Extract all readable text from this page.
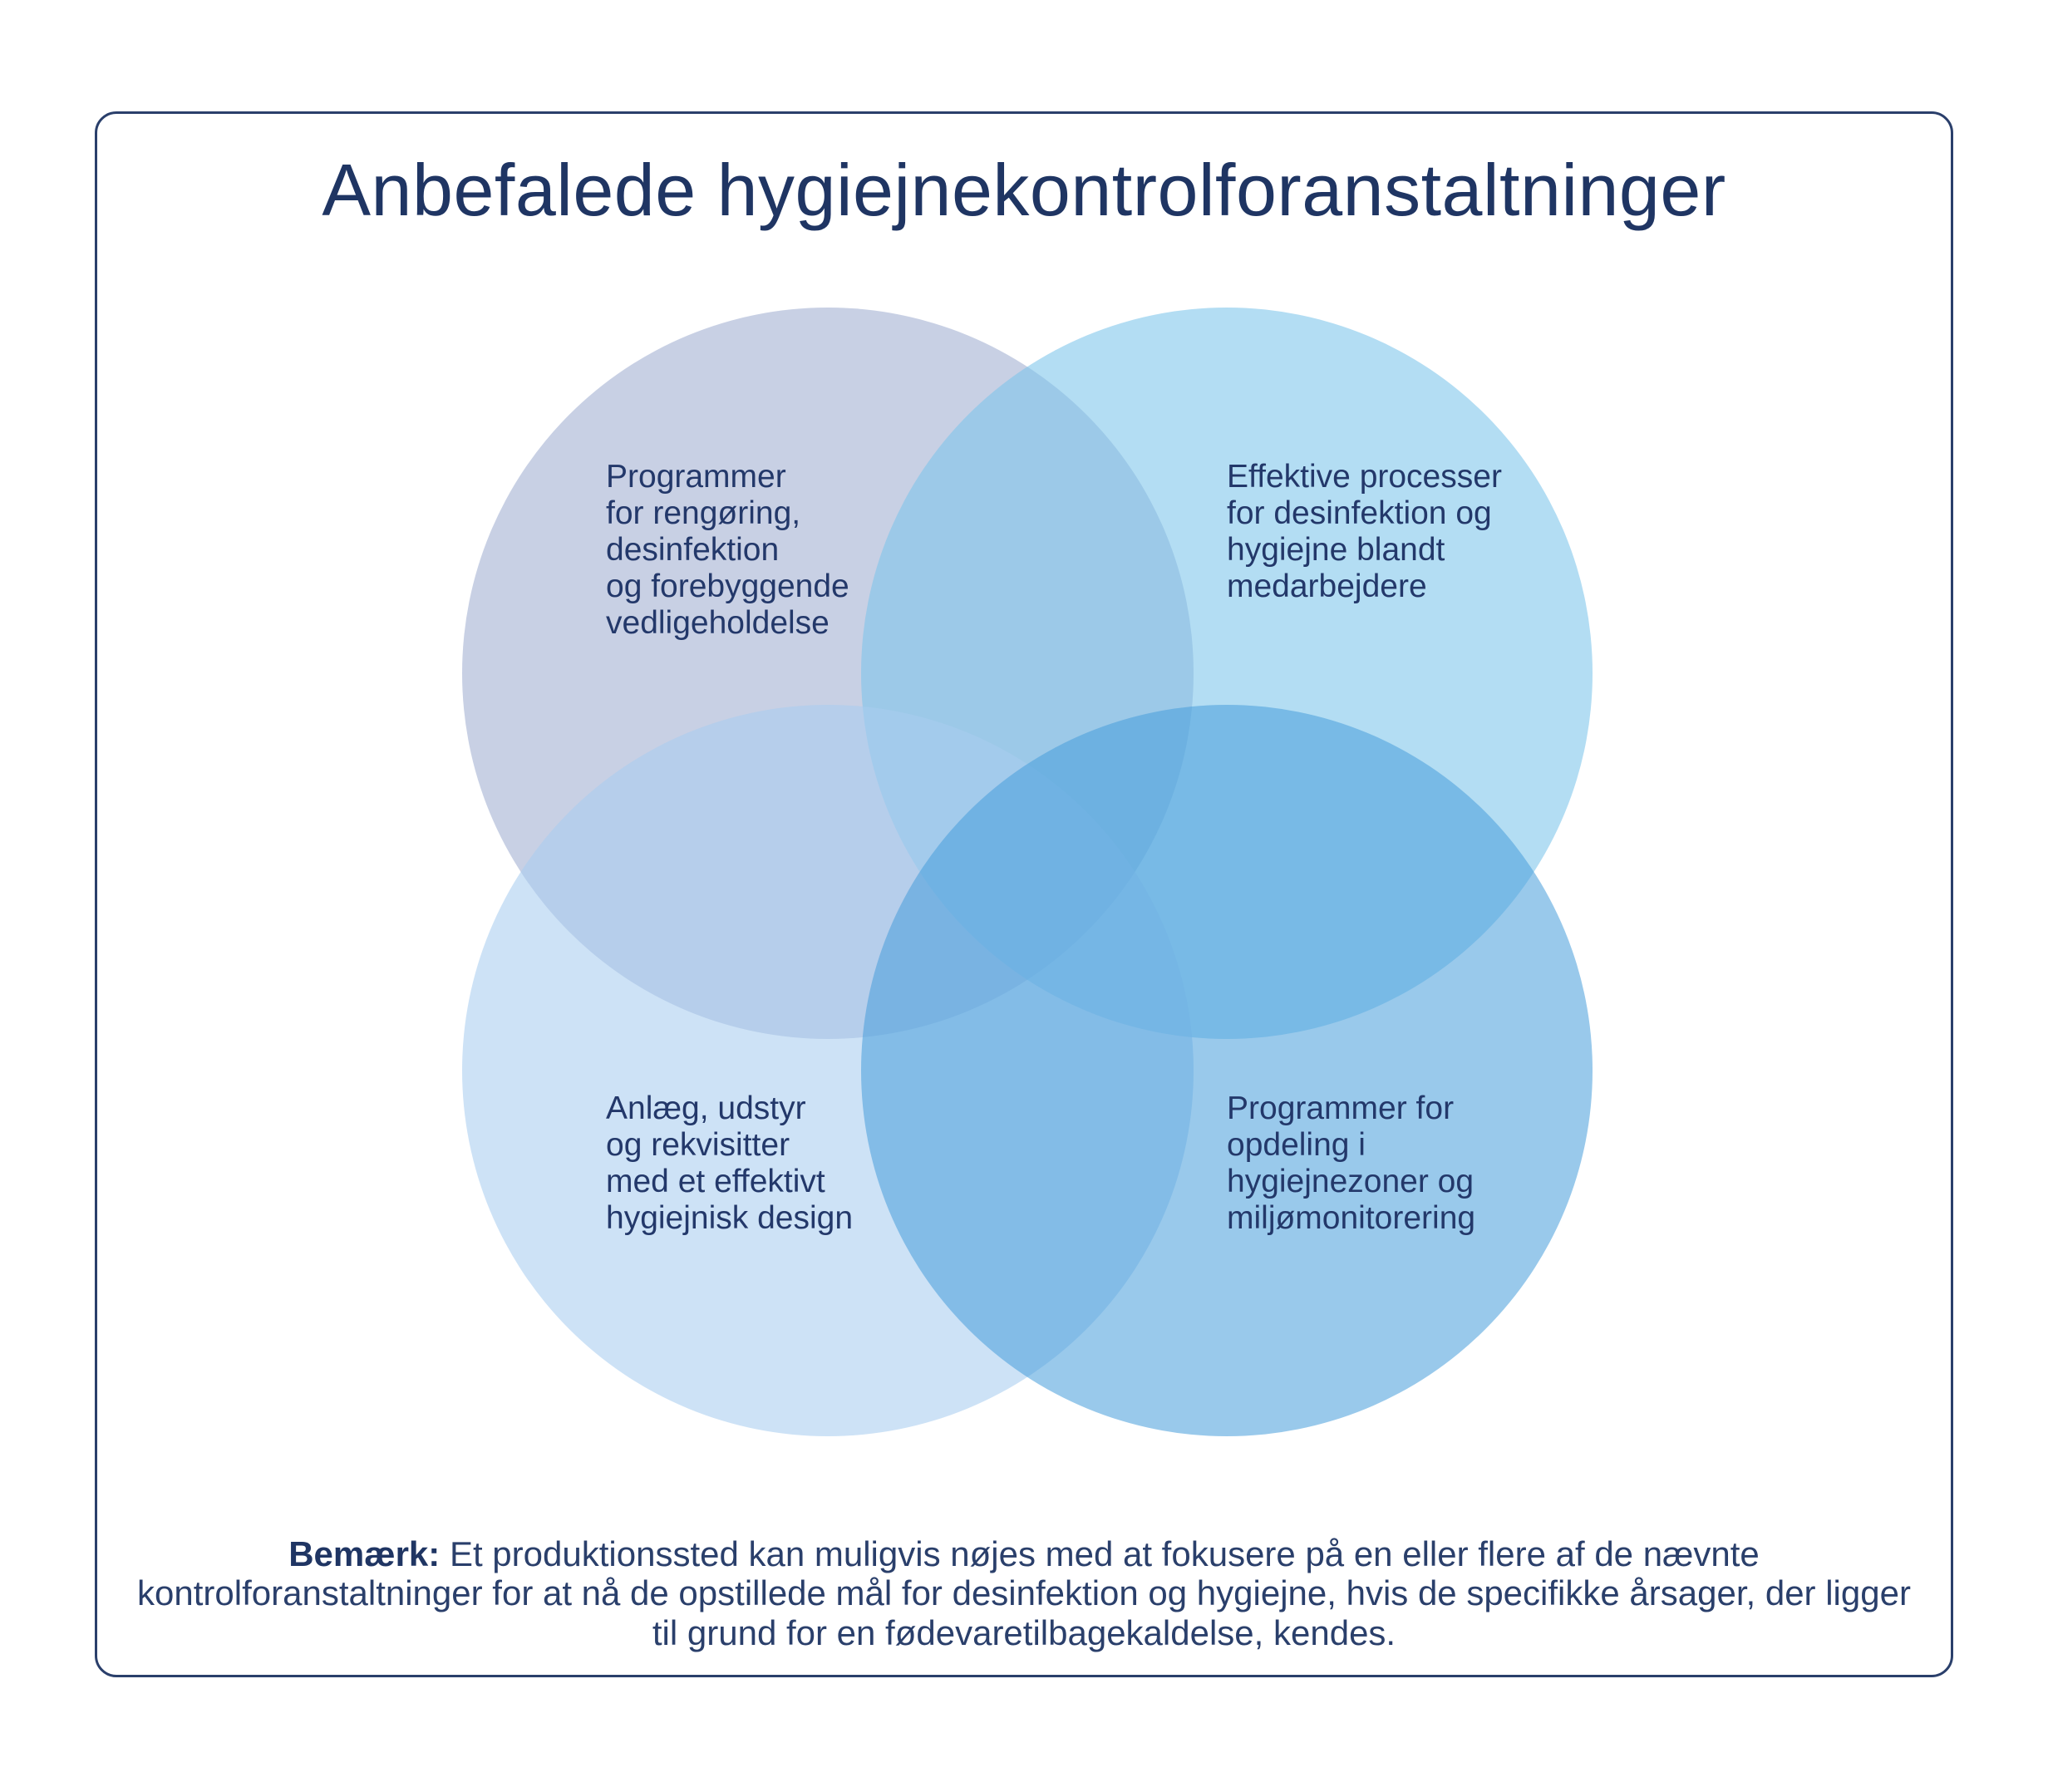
Anbefalede hygiejnekontrolforanstaltninger

Programmer
for rengøring,
desinfektion
og forebyggende
vedligeholdelse

Effektive processer
for desinfektion og
hygiejne blandt
medarbejdere

Anlæg, udstyr
og rekvisitter
med et effektivt
hygiejnisk design

Programmer for
opdeling i
hygiejnezoner og
miljømonitorering

Bemærk: Et produktionssted kan muligvis nøjes med at fokusere på en eller flere af de nævnte kontrolforanstaltninger for at nå de opstillede mål for desinfektion og hygiejne, hvis de specifikke årsager, der ligger til grund for en fødevaretilbagekaldelse, kendes.
